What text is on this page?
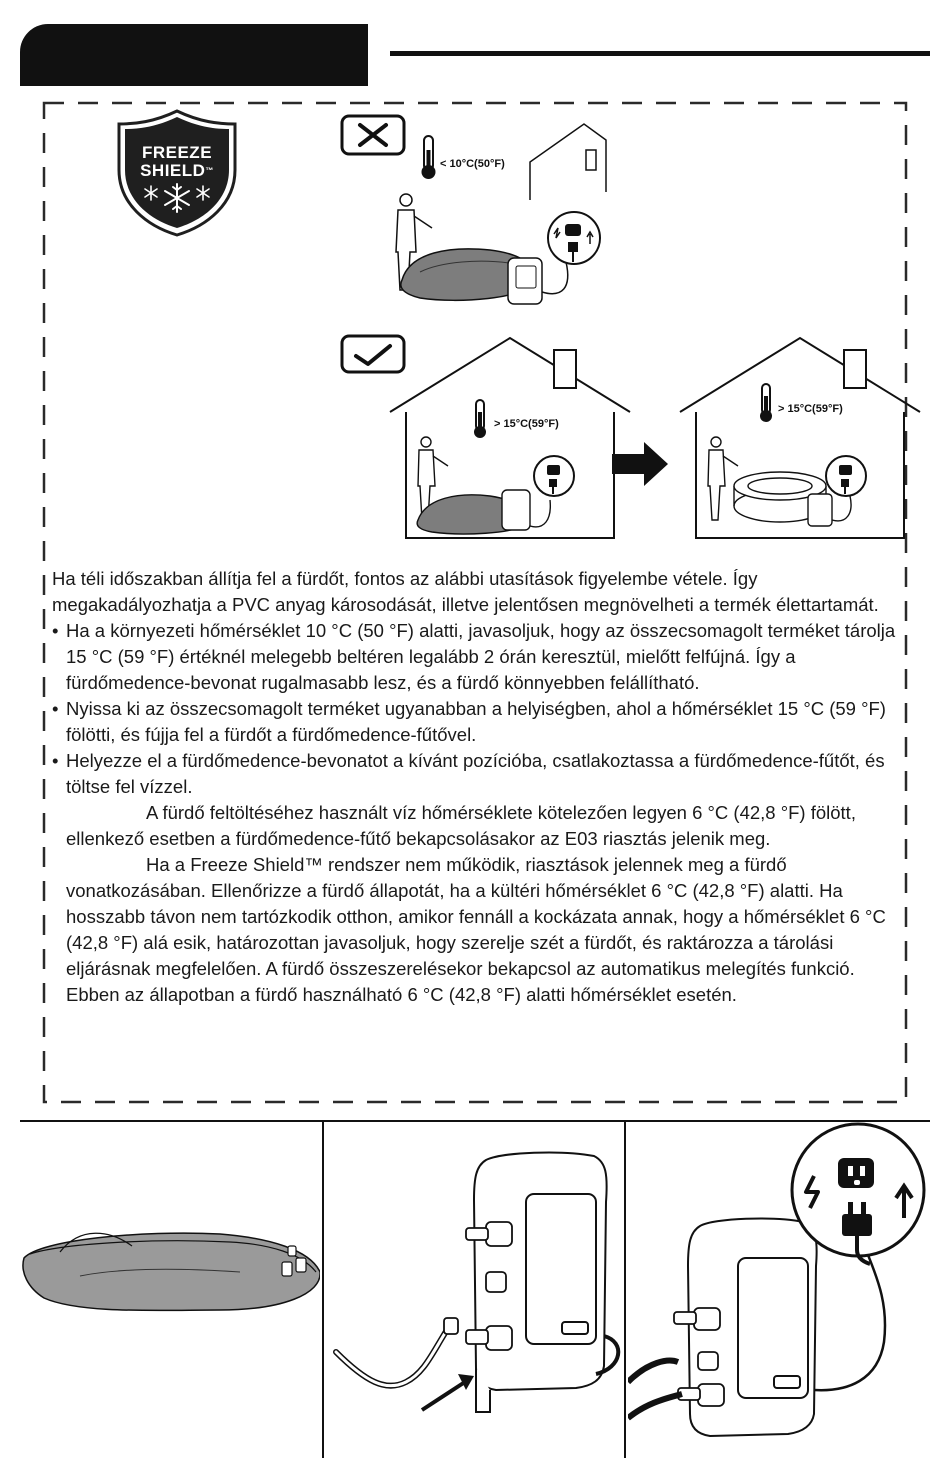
FREEZE
SHIELD™
< 10°C(50°F)
> 15°C(59°F)
> 15°C(59°F)

Ha téli időszakban állítja fel a fürdőt, fontos az alábbi utasítások figyelembe vétele. Így megakadályozhatja a PVC anyag károsodását, illetve jelentősen megnövelheti a termék élettartamát.

• Ha a környezeti hőmérséklet 10 °C (50 °F) alatti, javasoljuk, hogy az összecsomagolt terméket tárolja 15 °C (59 °F) értéknél melegebb beltéren legalább 2 órán keresztül, mielőtt felfújná. Így a fürdőmedence-bevonat rugalmasabb lesz, és a fürdő könnyebben felállítható.

• Nyissa ki az összecsomagolt terméket ugyanabban a helyiségben, ahol a hőmérséklet 15 °C (59 °F) fölötti, és fújja fel a fürdőt a fürdőmedence-fűtővel.

• Helyezze el a fürdőmedence-bevonatot a kívánt pozícióba, csatlakoztassa a fürdőmedence-fűtőt, és töltse fel vízzel.

A fürdő feltöltéséhez használt víz hőmérséklete kötelezően legyen 6 °C (42,8 °F) fölött, ellenkező esetben a fürdőmedence-fűtő bekapcsolásakor az E03 riasztás jelenik meg.

Ha a Freeze Shield™ rendszer nem működik, riasztások jelennek meg a fürdő vonatkozásában. Ellenőrizze a fürdő állapotát, ha a kültéri hőmérséklet 6 °C (42,8 °F) alatti. Ha hosszabb távon nem tartózkodik otthon, amikor fennáll a kockázata annak, hogy a hőmérséklet 6 °C (42,8 °F) alá esik, határozottan javasoljuk, hogy szerelje szét a fürdőt, és raktározza a tárolási eljárásnak megfelelően. A fürdő összeszerelésekor bekapcsol az automatikus melegítés funkció. Ebben az állapotban a fürdő használható 6 °C (42,8 °F) alatti hőmérséklet esetén.
